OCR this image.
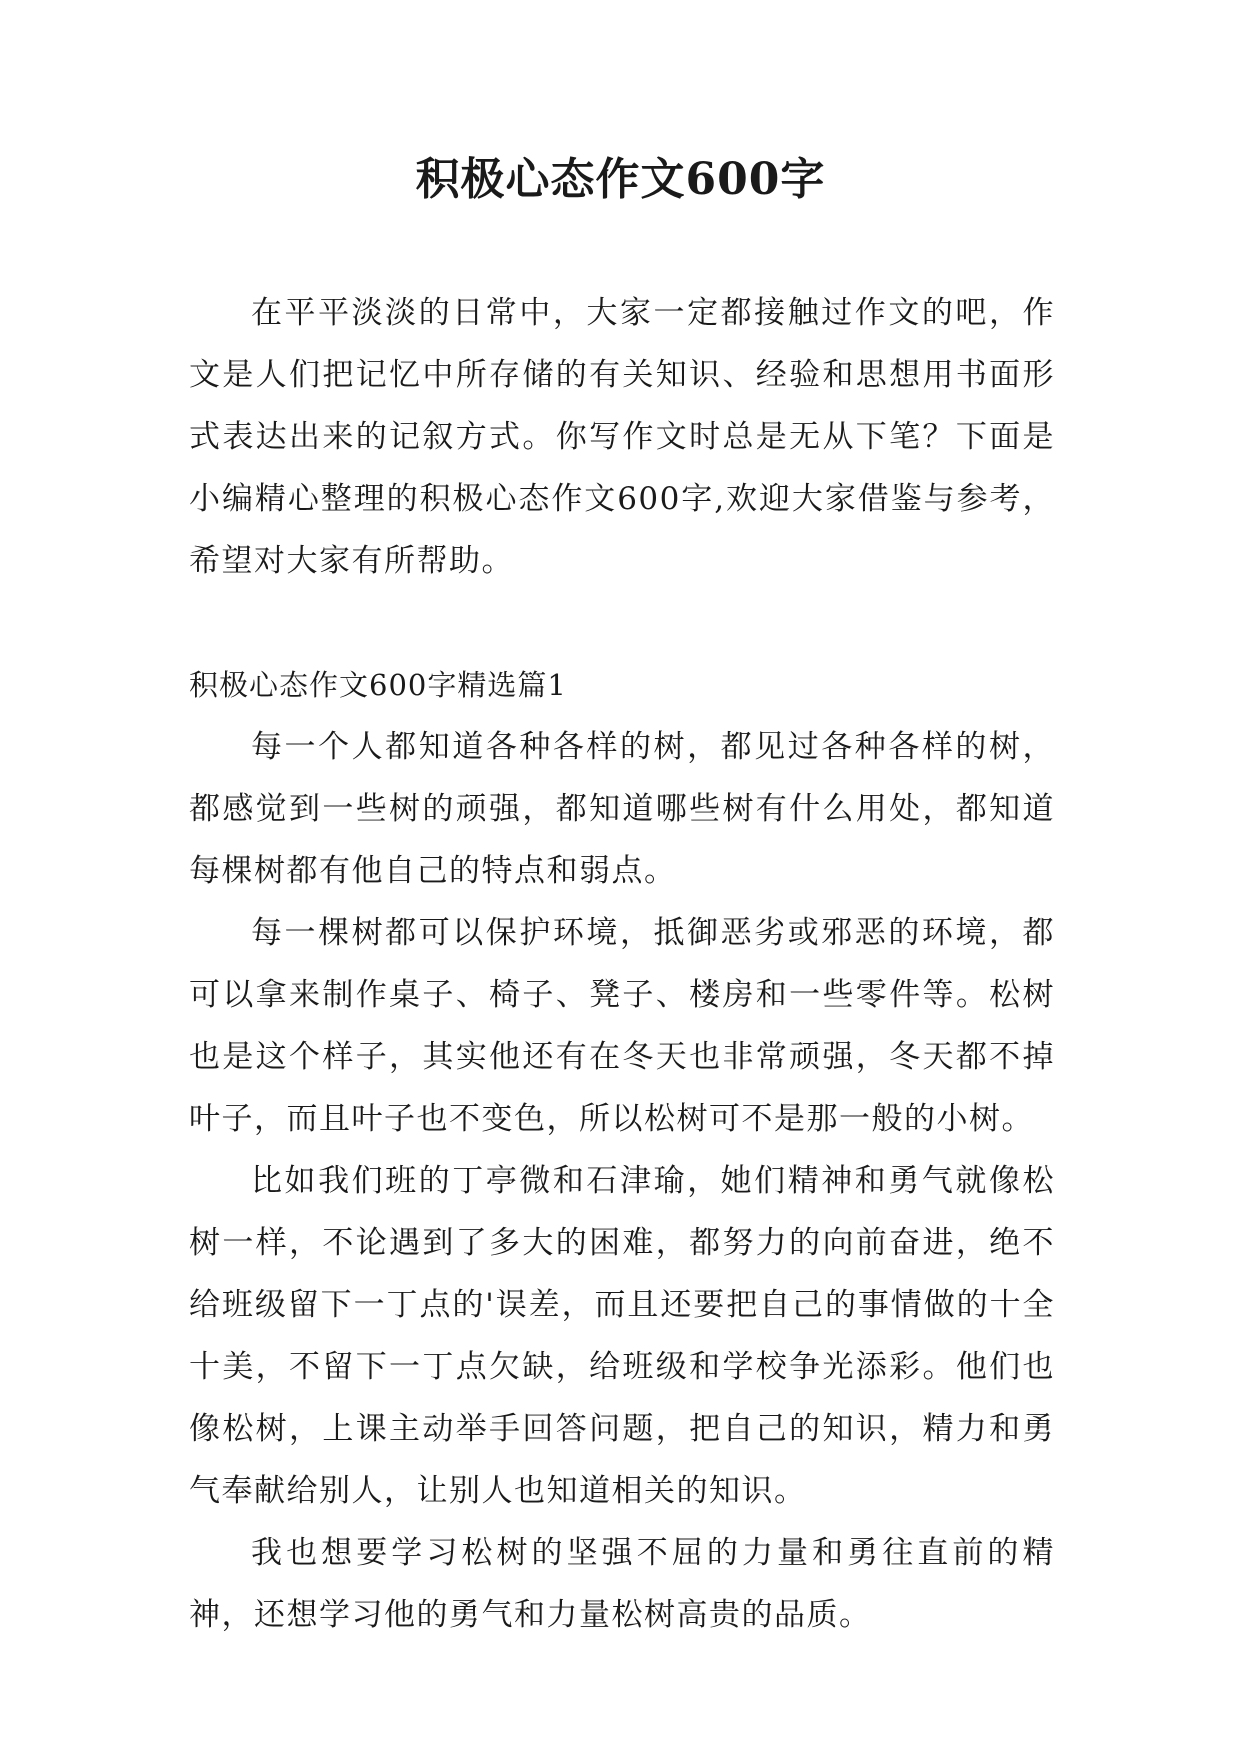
积极心态作文600字

在平平淡淡的日常中，大家一定都接触过作文的吧，作文是人们把记忆中所存储的有关知识、经验和思想用书面形式表达出来的记叙方式。你写作文时总是无从下笔？下面是小编精心整理的积极心态作文600字,欢迎大家借鉴与参考，希望对大家有所帮助。

积极心态作文600字精选篇1

每一个人都知道各种各样的树，都见过各种各样的树，都感觉到一些树的顽强，都知道哪些树有什么用处，都知道每棵树都有他自己的特点和弱点。

每一棵树都可以保护环境，抵御恶劣或邪恶的环境，都可以拿来制作桌子、椅子、凳子、楼房和一些零件等。松树也是这个样子，其实他还有在冬天也非常顽强，冬天都不掉叶子，而且叶子也不变色，所以松树可不是那一般的小树。

比如我们班的丁亭微和石津瑜，她们精神和勇气就像松树一样，不论遇到了多大的困难，都努力的向前奋进，绝不给班级留下一丁点的'误差，而且还要把自己的事情做的十全十美，不留下一丁点欠缺，给班级和学校争光添彩。他们也像松树，上课主动举手回答问题，把自己的知识，精力和勇气奉献给别人，让别人也知道相关的知识。

我也想要学习松树的坚强不屈的力量和勇往直前的精神，还想学习他的勇气和力量松树高贵的品质。
